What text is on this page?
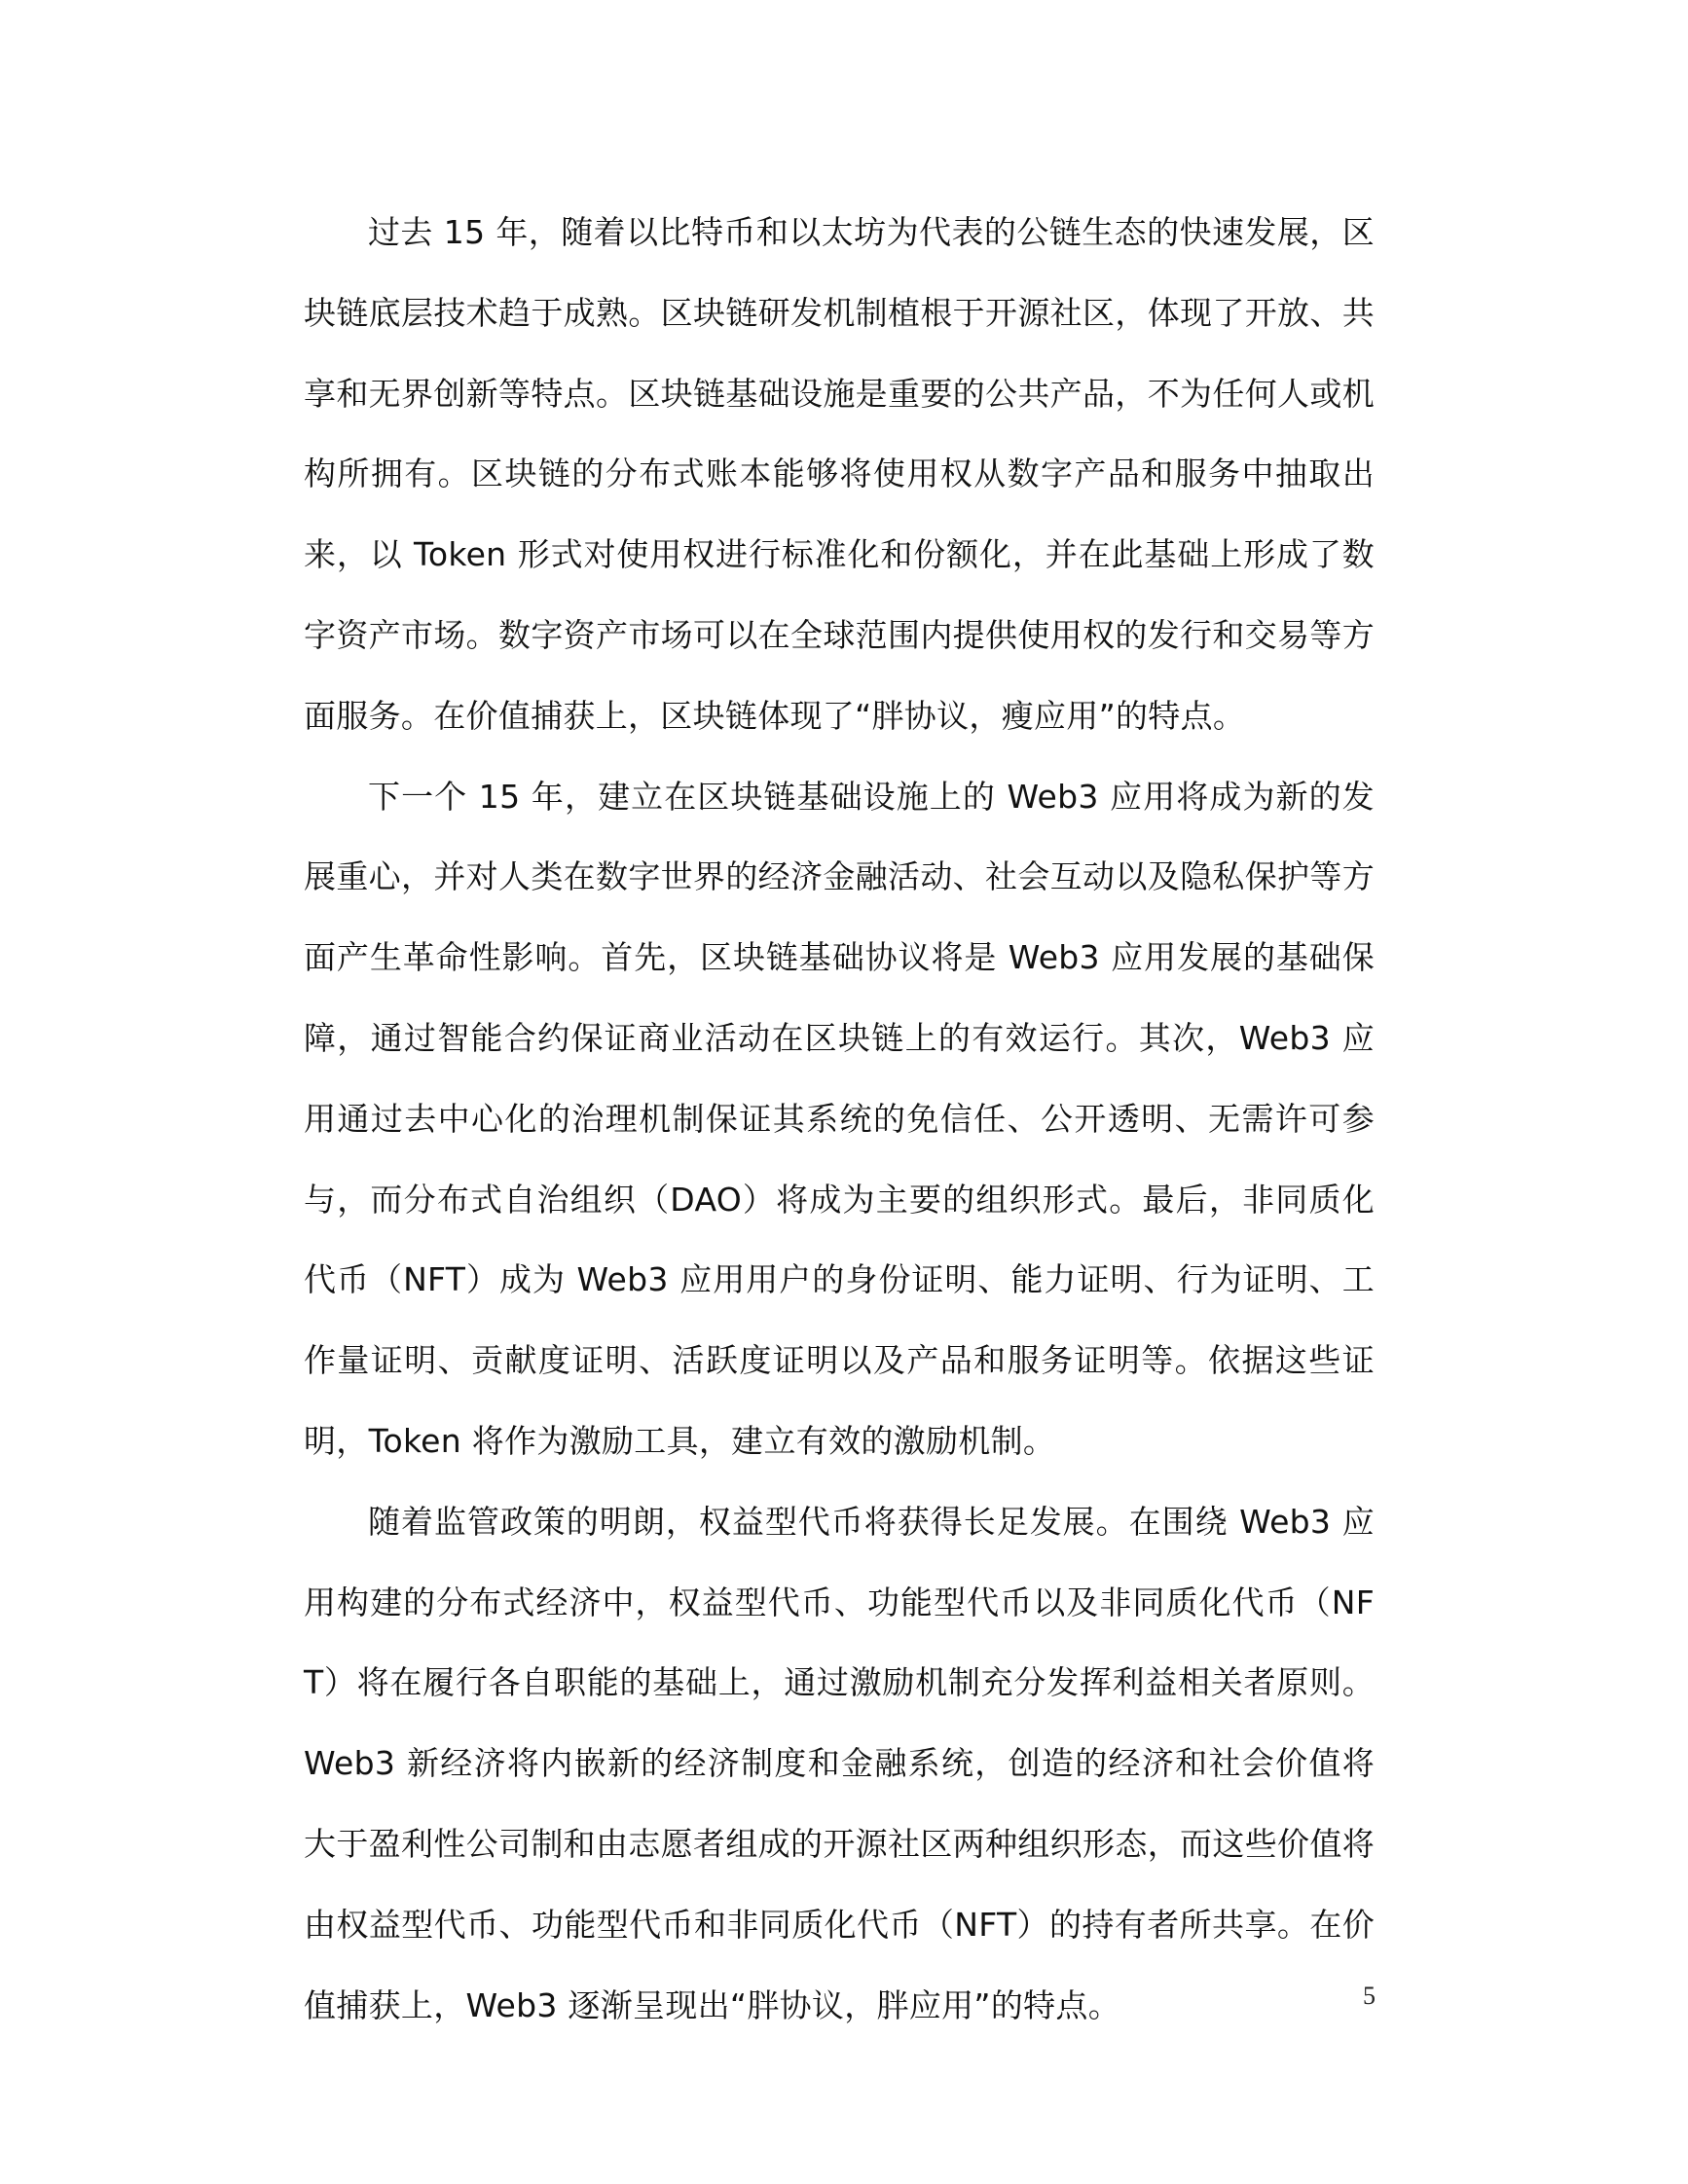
过去 15 年，随着以比特币和以太坊为代表的公链生态的快速发展，区块链底层技术趋于成熟。区块链研发机制植根于开源社区，体现了开放、共享和无界创新等特点。区块链基础设施是重要的公共产品，不为任何人或机构所拥有。区块链的分布式账本能够将使用权从数字产品和服务中抽取出来，以 Token 形式对使用权进行标准化和份额化，并在此基础上形成了数字资产市场。数字资产市场可以在全球范围内提供使用权的发行和交易等方面服务。在价值捕获上，区块链体现了“胖协议，瘦应用”的特点。

下一个 15 年，建立在区块链基础设施上的 Web3 应用将成为新的发展重心，并对人类在数字世界的经济金融活动、社会互动以及隐私保护等方面产生革命性影响。首先，区块链基础协议将是 Web3 应用发展的基础保障，通过智能合约保证商业活动在区块链上的有效运行。其次，Web3 应用通过去中心化的治理机制保证其系统的免信任、公开透明、无需许可参与，而分布式自治组织（DAO）将成为主要的组织形式。最后，非同质化代币（NFT）成为 Web3 应用用户的身份证明、能力证明、行为证明、工作量证明、贡献度证明、活跃度证明以及产品和服务证明等。依据这些证明，Token 将作为激励工具，建立有效的激励机制。

随着监管政策的明朗，权益型代币将获得长足发展。在围绕 Web3 应用构建的分布式经济中，权益型代币、功能型代币以及非同质化代币（NFT）将在履行各自职能的基础上，通过激励机制充分发挥利益相关者原则。Web3 新经济将内嵌新的经济制度和金融系统，创造的经济和社会价值将大于盈利性公司制和由志愿者组成的开源社区两种组织形态，而这些价值将由权益型代币、功能型代币和非同质化代币（NFT）的持有者所共享。在价值捕获上，Web3 逐渐呈现出“胖协议，胖应用”的特点。	5
